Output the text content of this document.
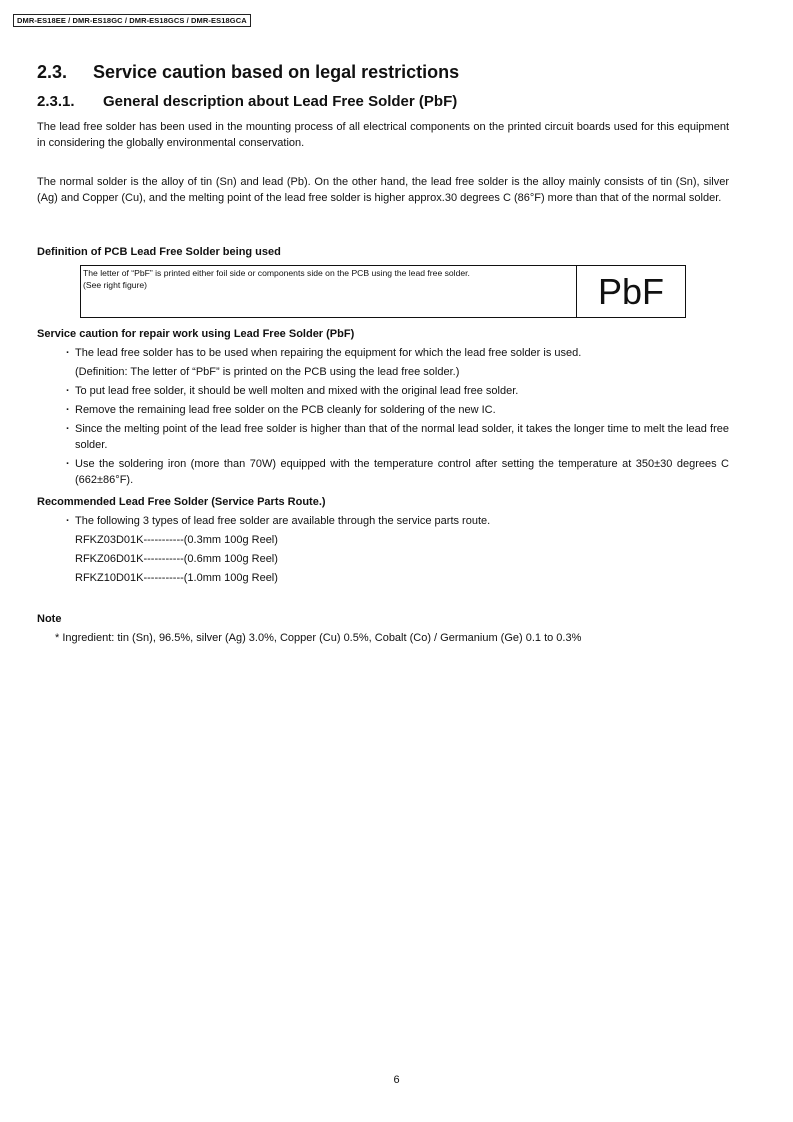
DMR-ES18EE / DMR-ES18GC / DMR-ES18GCS / DMR-ES18GCA
2.3. Service caution based on legal restrictions
2.3.1. General description about Lead Free Solder (PbF)

The lead free solder has been used in the mounting process of all electrical components on the printed circuit boards used for this equipment in considering the globally environmental conservation.

The normal solder is the alloy of tin (Sn) and lead (Pb). On the other hand, the lead free solder is the alloy mainly consists of tin (Sn), silver (Ag) and Copper (Cu), and the melting point of the lead free solder is higher approx.30 degrees C (86°F) more than that of the normal solder.

Definition of PCB Lead Free Solder being used
The letter of “PbF” is printed either foil side or components side on the PCB using the lead free solder.
(See right figure)	PbF
Service caution for repair work using Lead Free Solder (PbF)
· The lead free solder has to be used when repairing the equipment for which the lead free solder is used.
(Definition: The letter of “PbF” is printed on the PCB using the lead free solder.)
· To put lead free solder, it should be well molten and mixed with the original lead free solder.
· Remove the remaining lead free solder on the PCB cleanly for soldering of the new IC.
· Since the melting point of the lead free solder is higher than that of the normal lead solder, it takes the longer time to melt the lead free solder.
· Use the soldering iron (more than 70W) equipped with the temperature control after setting the temperature at 350±30 degrees C (662±86°F).
Recommended Lead Free Solder (Service Parts Route.)
· The following 3 types of lead free solder are available through the service parts route.
RFKZ03D01K-----------(0.3mm 100g Reel)
RFKZ06D01K-----------(0.6mm 100g Reel)
RFKZ10D01K-----------(1.0mm 100g Reel)
Note
* Ingredient: tin (Sn), 96.5%, silver (Ag) 3.0%, Copper (Cu) 0.5%, Cobalt (Co) / Germanium (Ge) 0.1 to 0.3%
6
